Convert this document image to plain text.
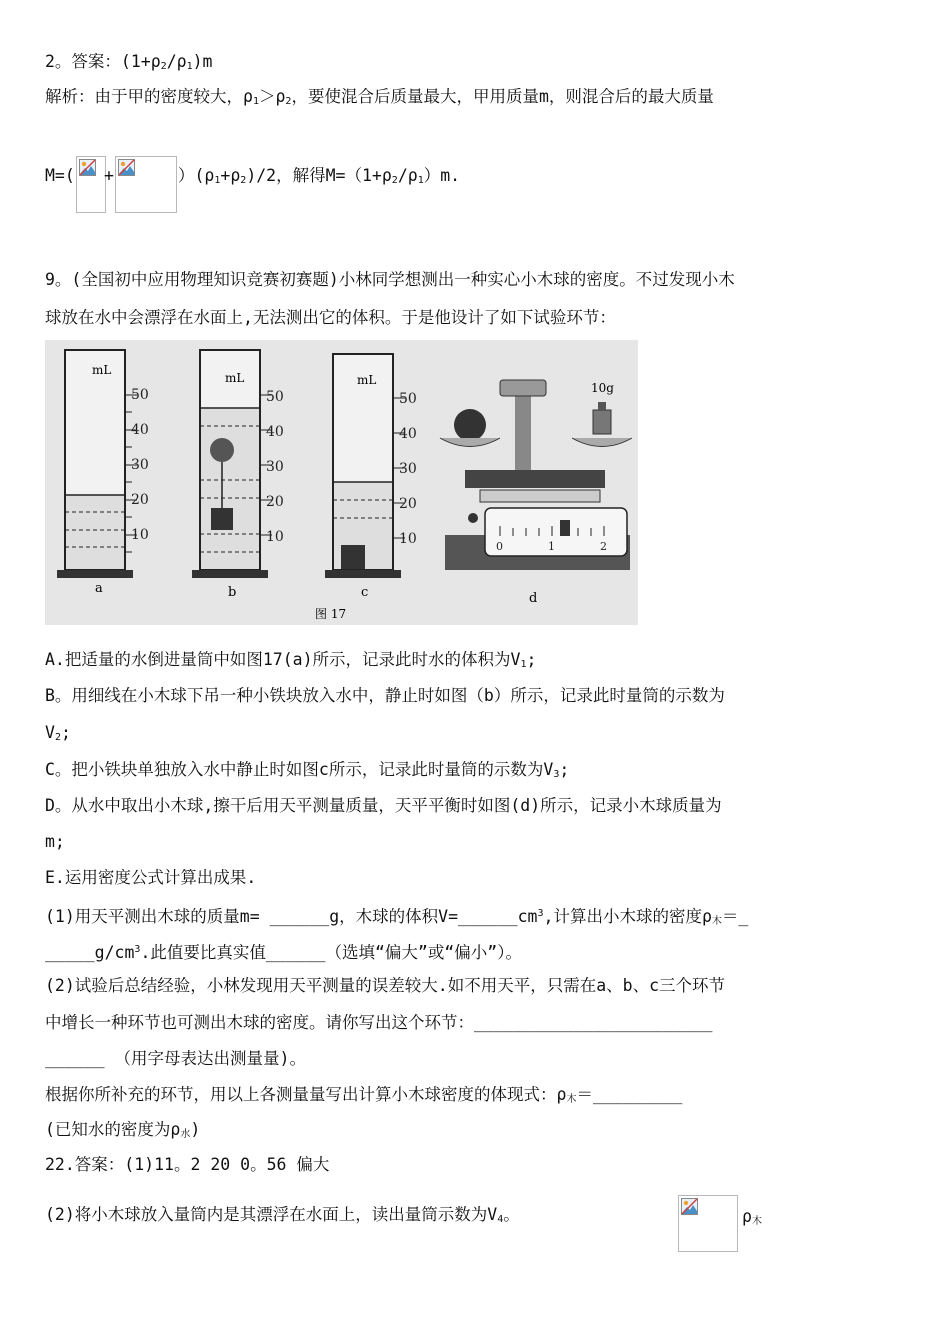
2。答案：$(1+\rho_2/\rho_1)m$
解析：由于甲的密度较大，$\rho_1>\rho_2$，要使混合后质量最大，甲用质量m，则混合后的最大质量
M=( +	）$(\rho_1+\rho_2)/2$，解得$M=(1+\rho_2/\rho_1)m$.
9。(全国初中应用物理知识竞赛初赛题)小林同学想测出一种实心小木球的密度。不过发现小木
球放在水中会漂浮在水面上,无法测出它的体积。于是他设计了如下试验环节：
mL
50
40
30
20
10
a
mL
50
40
30
20
10
b
mL
50
40
30
20
10
c
10g
0	1	2
d
图 17
A.把适量的水倒进量筒中如图17(a)所示，记录此时水的体积为$V_1$;
B。用细线在小木球下吊一种小铁块放入水中，静止时如图（b）所示，记录此时量筒的示数为
$V_2$;
C。把小铁块单独放入水中静止时如图c所示，记录此时量筒的示数为$V_3$;
D。从水中取出小木球,擦干后用天平测量质量，天平平衡时如图(d)所示，记录小木球质量为
m;
E.运用密度公式计算出成果.
(1)用天平测出木球的质量m= ______g，木球的体积$V=\_\_\_\_\_\_cm^3$,计算出小木球的密度$\rho_木=\_$
$\_\_\_\_\_g/cm^3$.此值要比真实值______（选填“偏大”或“偏小”）。
(2)试验后总结经验，小林发现用天平测量的误差较大.如不用天平，只需在a、b、c三个环节
中增长一种环节也可测出木球的密度。请你写出这个环节：________________________
______ （用字母表达出测量量)。
根据你所补充的环节，用以上各测量量写出计算小木球密度的体现式：$\rho_木=\_\_\_\_\_\_\_\_\_$
(已知水的密度为$\rho_水$)
22.答案：(1)11。2 20 0。56 偏大
(2)将小木球放入量筒内是其漂浮在水面上，读出量筒示数为$V_4$。	$\rho_木$
